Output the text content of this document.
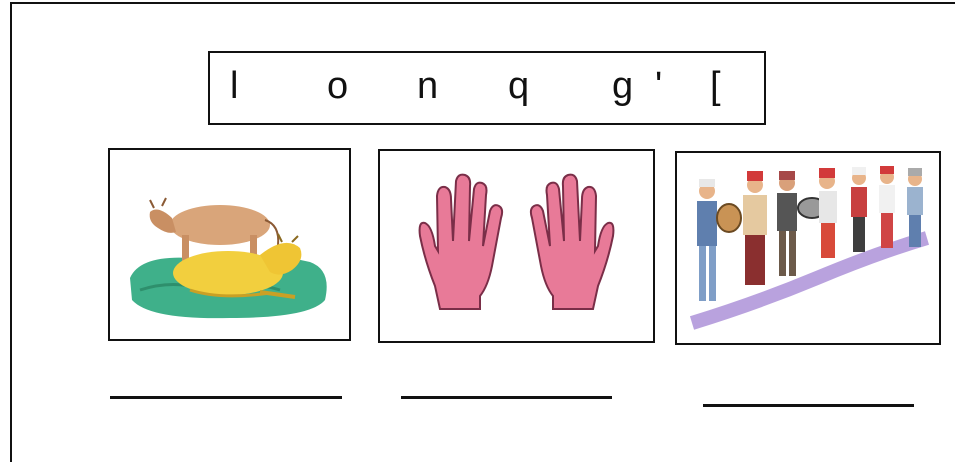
l o n q g ' [
